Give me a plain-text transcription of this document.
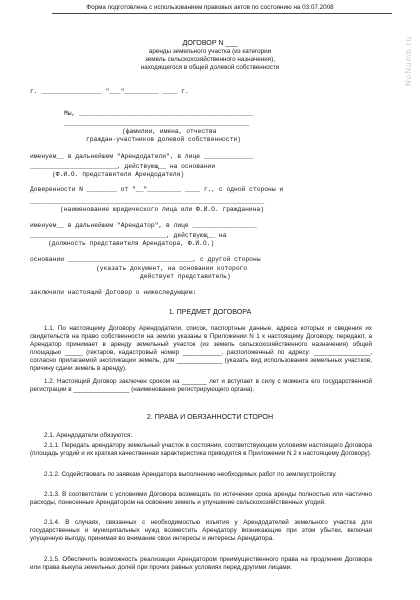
NoNumb.ru
Форма подготовлена с использованием правовых актов по состоянию на 03.07.2008
ДОГОВОР N ___
аренды земельного участка (из категории
земель сельскохозяйственного назначения),
находящегося в общей долевой собственности
г. ________________ "___"_________ ____ г.
Мы, ______________________________________________
_________________________________________________
(фамилии, имена, отчества
граждан-участников долевой собственности)
именуем__ в дальнейшем "Арендодатели", в лице _____________
_______________________, действующ__ на основании
(Ф.И.О. представителя Арендодателя)
Доверенности N ________ от "__"_________ ____ г., с одной стороны и
______________________________________________________________
(наименование юридического лица или Ф.И.О. гражданина)
именуем__ в дальнейшем "Арендатор", в лице _________________
____________________________________, действующ__ на
(должность представителя Арендатора, Ф.И.О.)
основании _________________________________, с другой стороны
(указать документ, на основании которого
действует представитель)
заключили настоящий Договор о нижеследующем:
1. ПРЕДМЕТ ДОГОВОРА
1.1. По настоящему Договору Арендодатели, список, паспортные данные, адреса которых и сведения их свидетельств на право собственности на землю указаны в Приложении N 1 к настоящему Договору, передают, а Арендатор принимает в аренду земельный участок (из земель сельскохозяйственного назначения) общей площадью _____ (гектаров, кадастровый номер ___________, расположенный по адресу: ________________, согласно прилагаемой экспликации земель, для _____________ (указать вид использования земельных участков, причину сдачи земель в аренду).
1.2. Настоящий Договор заключен сроком на _______ лет и вступает в силу с момента его государственной регистрации в ________________ (наименование регистрирующего органа).
2. ПРАВА И ОБЯЗАННОСТИ СТОРОН
2.1. Арендодатели обязуются:
2.1.1. Передать арендатору земельный участок в состоянии, соответствующем условиям настоящего Договора (площадь угодий и их краткая качественная характеристика приводятся в Приложении N 2 к настоящему Договору).
2.1.2. Содействовать по заявкам Арендатора выполнению необходимых работ по землеустройству.
2.1.3. В соответствии с условиями Договора возмещать по истечении срока аренды полностью или частично расходы, понесенные Арендатором на освоение земель и улучшение сельскохозяйственных угодий.
2.1.4. В случаях, связанных с необходимостью изъятия у Арендодателей земельного участка для государственных и муниципальных нужд возместить Арендатору возникающие при этом убытки, включая упущенную выгоду, принимая во внимание свои интересы и интересы Арендатора.
2.1.5. Обеспечить возможность реализации Арендатором преимущественного права на продление Договора или права выкупа земельных долей при прочих равных условиях перед другими лицами.
